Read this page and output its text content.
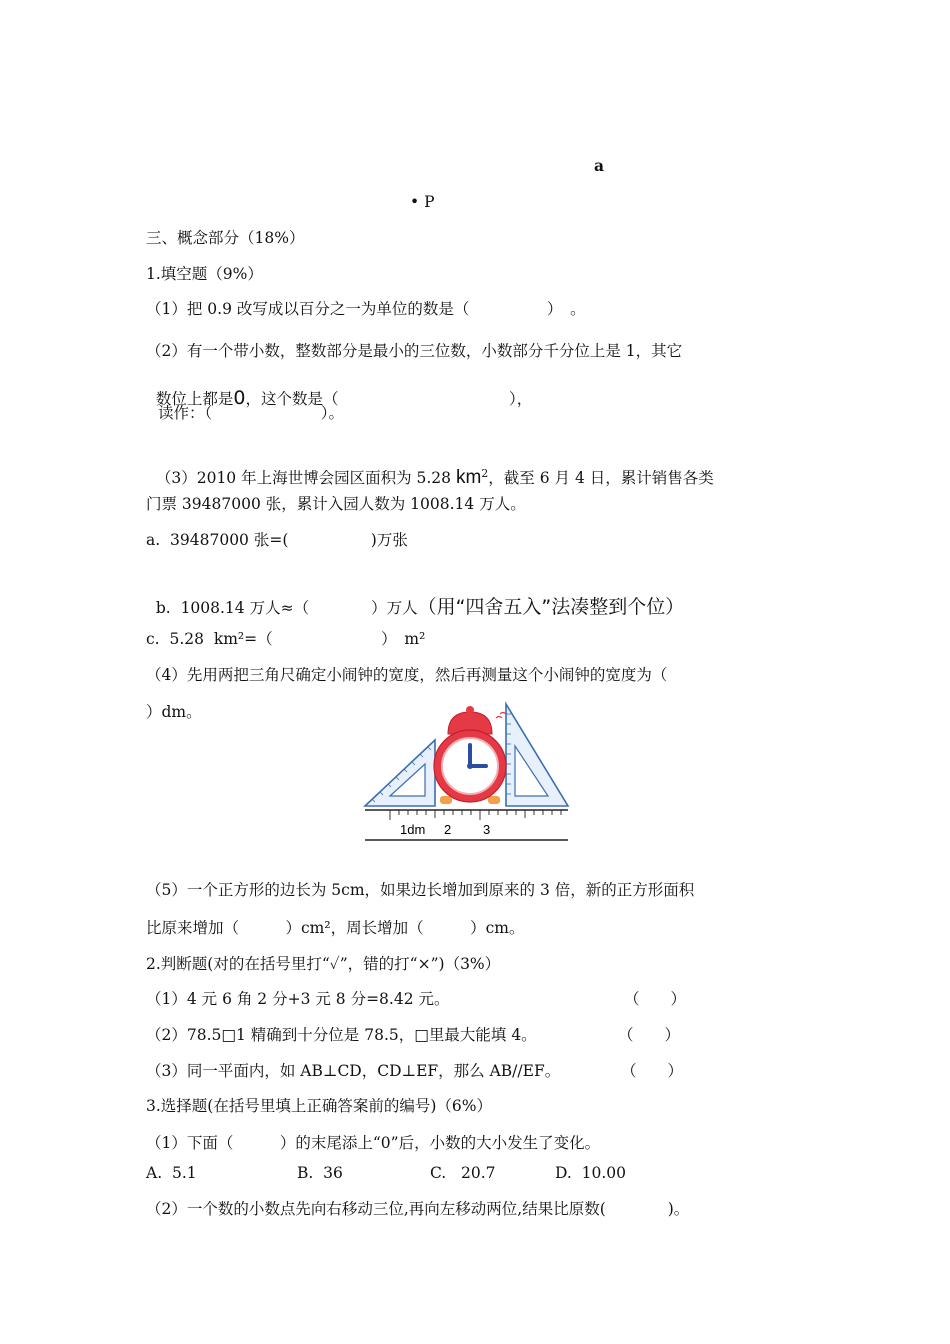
a
• P
三、概念部分（18%）
1.填空题（9%）
（1）把 0.9 改写成以百分之一为单位的数是（　　　　　）　。
（2）有一个带小数，整数部分是最小的三位数，小数部分千分位上是 1，其它

数位上都是0，这个数是（　　　　　　　　　　　），

读作：（　　　　　　　）。

（3）2010 年上海世博会园区面积为 5.28 $km^2$，截至 6 月 4 日，累计销售各类

门票 39487000 张，累计入园人数为 1008.14 万人。
a.  39487000 张=(　　　　　 )万张

b.  1008.14 万人≈（　　　　）万人（用“四舍五入”法凑整到个位）

c.  5.28  km²=（　　　　　　　）　m²
（4）先用两把三角尺确定小闹钟的宽度，然后再测量这个小闹钟的宽度为（
）dm。
1dm 2 3
（5）一个正方形的边长为 5cm，如果边长增加到原来的 3 倍，新的正方形面积
比原来增加（　　　）cm²，周长增加（　　　）cm。
2.判断题(对的在括号里打“✓”，错的打“×”)（3%）
（1）4 元 6 角 2 分+3 元 8 分=8.42 元。	（　　）
（2）78.5□1 精确到十分位是 78.5，□里最大能填 4。	（　　）
（3）同一平面内，如 AB⊥CD，CD⊥EF，那么 AB//EF。	（　　）
3.选择题(在括号里填上正确答案前的编号)（6%）
（1）下面（　　　）的末尾添上“0”后，小数的大小发生了变化。
A.  5.1	B.  36	C.   20.7	D.  10.00
（2）一个数的小数点先向右移动三位,再向左移动两位,结果比原数(　　　　)。
